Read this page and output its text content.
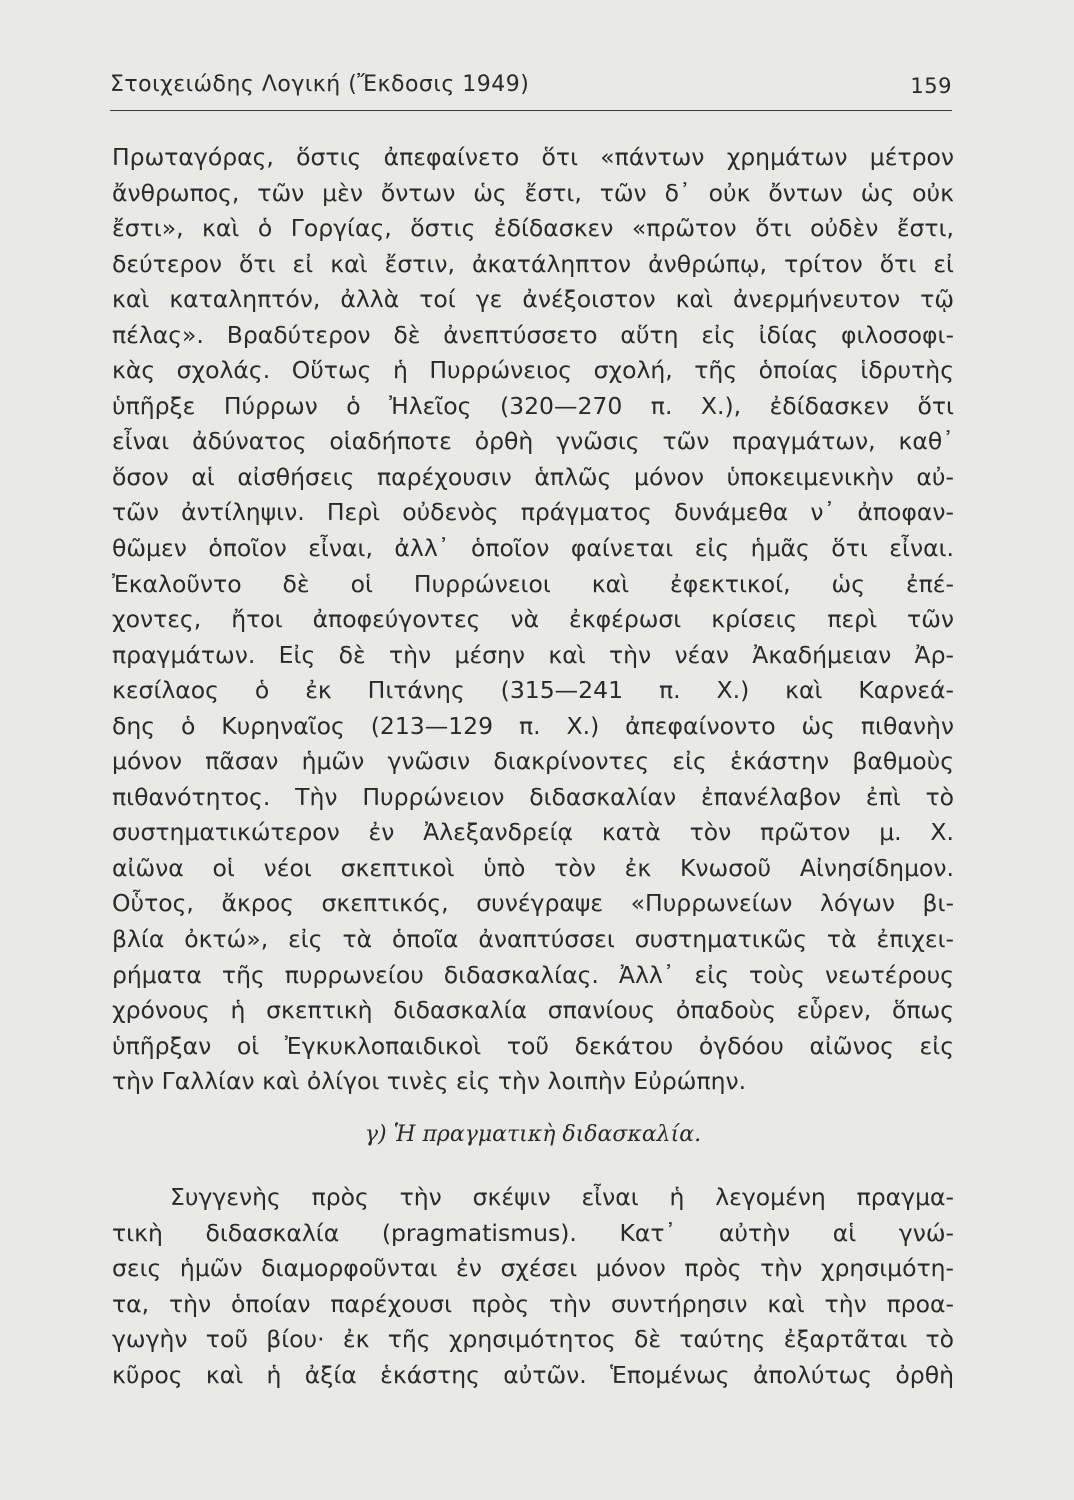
Στοιχειώδης Λογική (Ἔκδοσις 1949)	159
Πρωταγόρας, ὅστις ἀπεφαίνετο ὅτι «πάντων χρημάτων μέτρον
ἄνθρωπος, τῶν μὲν ὄντων ὡς ἔστι, τῶν δ᾽ οὐκ ὄντων ὡς οὐκ
ἔστι», καὶ ὁ Γοργίας, ὅστις ἐδίδασκεν «πρῶτον ὅτι οὐδὲν ἔστι,
δεύτερον ὅτι εἰ καὶ ἔστιν, ἀκατάληπτον ἀνθρώπῳ, τρίτον ὅτι εἰ
καὶ καταληπτόν, ἀλλὰ τοί γε ἀνέξοιστον καὶ ἀνερμήνευτον τῷ
πέλας». Βραδύτερον δὲ ἀνεπτύσσετο αὕτη εἰς ἰδίας φιλοσοφι-
κὰς σχολάς. Οὕτως ἡ Πυρρώνειος σχολή, τῆς ὁποίας ἱδρυτὴς
ὑπῆρξε Πύρρων ὁ Ἠλεῖος (320—270 π. Χ.), ἐδίδασκεν ὅτι
εἶναι ἀδύνατος οἱαδήποτε ὀρθὴ γνῶσις τῶν πραγμάτων, καθ᾽
ὅσον αἱ αἰσθήσεις παρέχουσιν ἁπλῶς μόνον ὑποκειμενικὴν αὐ-
τῶν ἀντίληψιν. Περὶ οὐδενὸς πράγματος δυνάμεθα ν᾽ ἀποφαν-
θῶμεν ὁποῖον εἶναι, ἀλλ᾽ ὁποῖον φαίνεται εἰς ἡμᾶς ὅτι εἶναι.
Ἐκαλοῦντο δὲ οἱ Πυρρώνειοι καὶ ἐφεκτικοί, ὡς ἐπέ-
χοντες, ἤτοι ἀποφεύγοντες νὰ ἐκφέρωσι κρίσεις περὶ τῶν
πραγμάτων. Εἰς δὲ τὴν μέσην καὶ τὴν νέαν Ἀκαδήμειαν Ἀρ-
κεσίλαος ὁ ἐκ Πιτάνης (315—241 π. Χ.) καὶ Καρνεά-
δης ὁ Κυρηναῖος (213—129 π. Χ.) ἀπεφαίνοντο ὡς πιθανὴν
μόνον πᾶσαν ἡμῶν γνῶσιν διακρίνοντες εἰς ἑκάστην βαθμοὺς
πιθανότητος. Τὴν Πυρρώνειον διδασκαλίαν ἐπανέλαβον ἐπὶ τὸ
συστηματικώτερον ἐν Ἀλεξανδρείᾳ κατὰ τὸν πρῶτον μ. Χ.
αἰῶνα οἱ νέοι σκεπτικοὶ ὑπὸ τὸν ἐκ Κνωσοῦ Αἰνησίδημον.
Οὗτος, ἄκρος σκεπτικός, συνέγραψε «Πυρρωνείων λόγων βι-
βλία ὀκτώ», εἰς τὰ ὁποῖα ἀναπτύσσει συστηματικῶς τὰ ἐπιχει-
ρήματα τῆς πυρρωνείου διδασκαλίας. Ἀλλ᾽ εἰς τοὺς νεωτέρους
χρόνους ἡ σκεπτικὴ διδασκαλία σπανίους ὀπαδοὺς εὗρεν, ὅπως
ὑπῆρξαν οἱ Ἐγκυκλοπαιδικοὶ τοῦ δεκάτου ὀγδόου αἰῶνος εἰς
τὴν Γαλλίαν καὶ ὀλίγοι τινὲς εἰς τὴν λοιπὴν Εὐρώπην.
γ) Ἡ πραγματικὴ διδασκαλία.
Συγγενὴς πρὸς τὴν σκέψιν εἶναι ἡ λεγομένη πραγμα-
τικὴ διδασκαλία (pragmatismus). Κατ᾽ αὐτὴν αἱ γνώ-
σεις ἡμῶν διαμορφοῦνται ἐν σχέσει μόνον πρὸς τὴν χρησιμότη-
τα, τὴν ὁποίαν παρέχουσι πρὸς τὴν συντήρησιν καὶ τὴν προα-
γωγὴν τοῦ βίου· ἐκ τῆς χρησιμότητος δὲ ταύτης ἐξαρτᾶται τὸ
κῦρος καὶ ἡ ἀξία ἑκάστης αὐτῶν. Ἑπομένως ἀπολύτως ὀρθὴ
